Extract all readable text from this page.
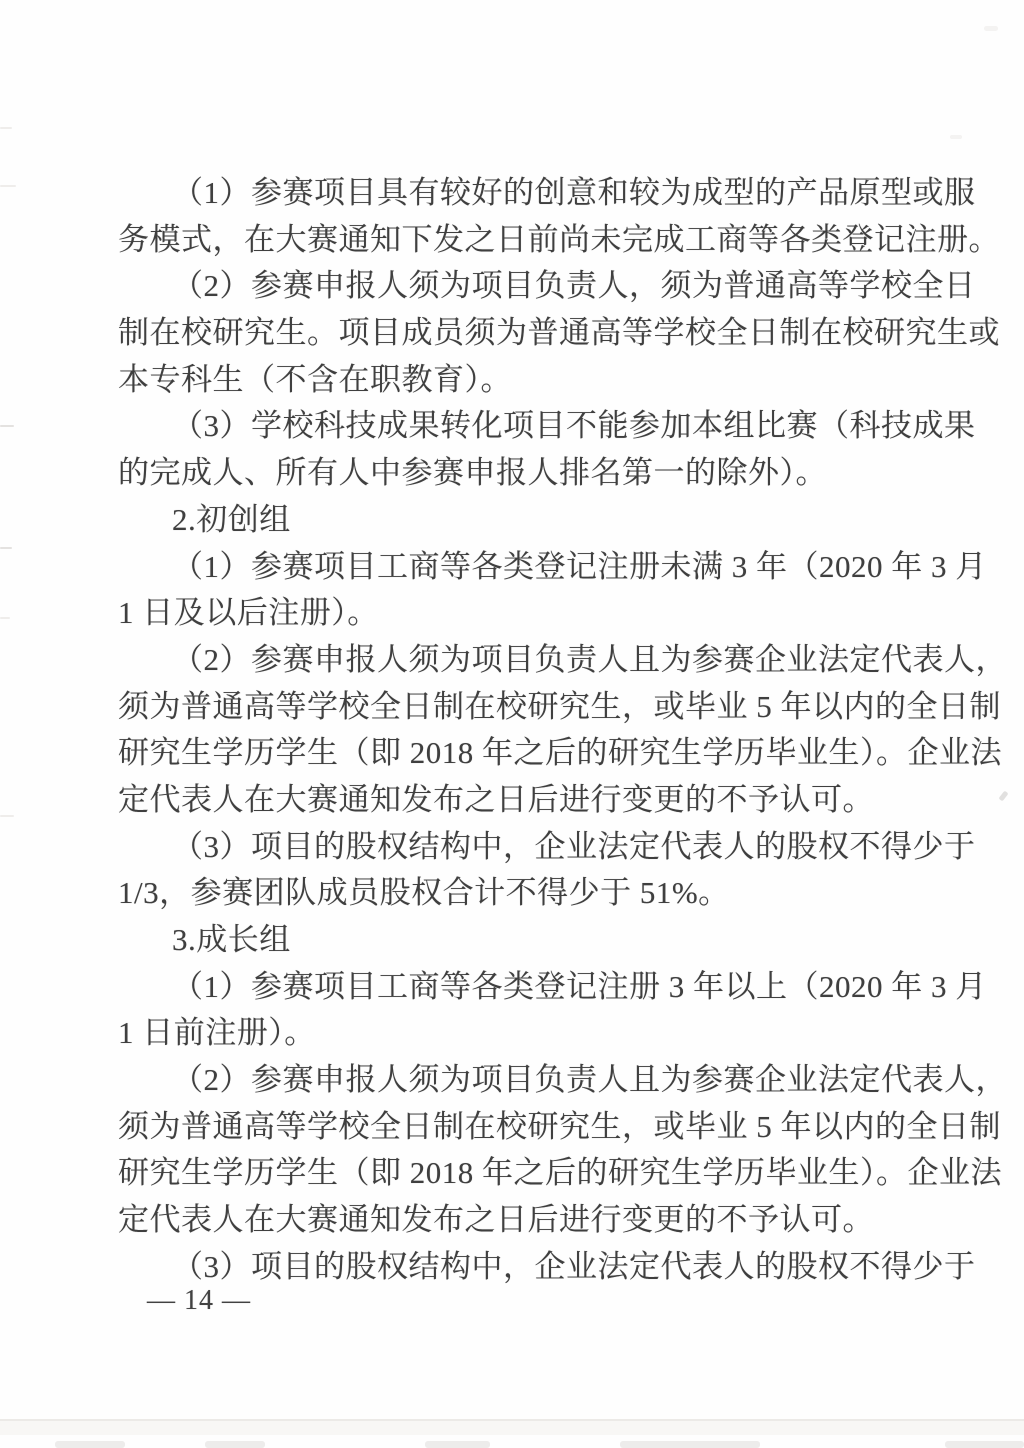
（1）参赛项目具有较好的创意和较为成型的产品原型或服
务模式，在大赛通知下发之日前尚未完成工商等各类登记注册。
（2）参赛申报人须为项目负责人，须为普通高等学校全日
制在校研究生。项目成员须为普通高等学校全日制在校研究生或
本专科生（不含在职教育）。
（3）学校科技成果转化项目不能参加本组比赛（科技成果
的完成人、所有人中参赛申报人排名第一的除外）。
2.初创组
（1）参赛项目工商等各类登记注册未满 3 年（2020 年 3 月
1 日及以后注册）。
（2）参赛申报人须为项目负责人且为参赛企业法定代表人，
须为普通高等学校全日制在校研究生，或毕业 5 年以内的全日制
研究生学历学生（即 2018 年之后的研究生学历毕业生）。企业法
定代表人在大赛通知发布之日后进行变更的不予认可。
（3）项目的股权结构中，企业法定代表人的股权不得少于
1/3，参赛团队成员股权合计不得少于 51%。
3.成长组
（1）参赛项目工商等各类登记注册 3 年以上（2020 年 3 月
1 日前注册）。
（2）参赛申报人须为项目负责人且为参赛企业法定代表人，
须为普通高等学校全日制在校研究生，或毕业 5 年以内的全日制
研究生学历学生（即 2018 年之后的研究生学历毕业生）。企业法
定代表人在大赛通知发布之日后进行变更的不予认可。
（3）项目的股权结构中，企业法定代表人的股权不得少于
— 14 —
